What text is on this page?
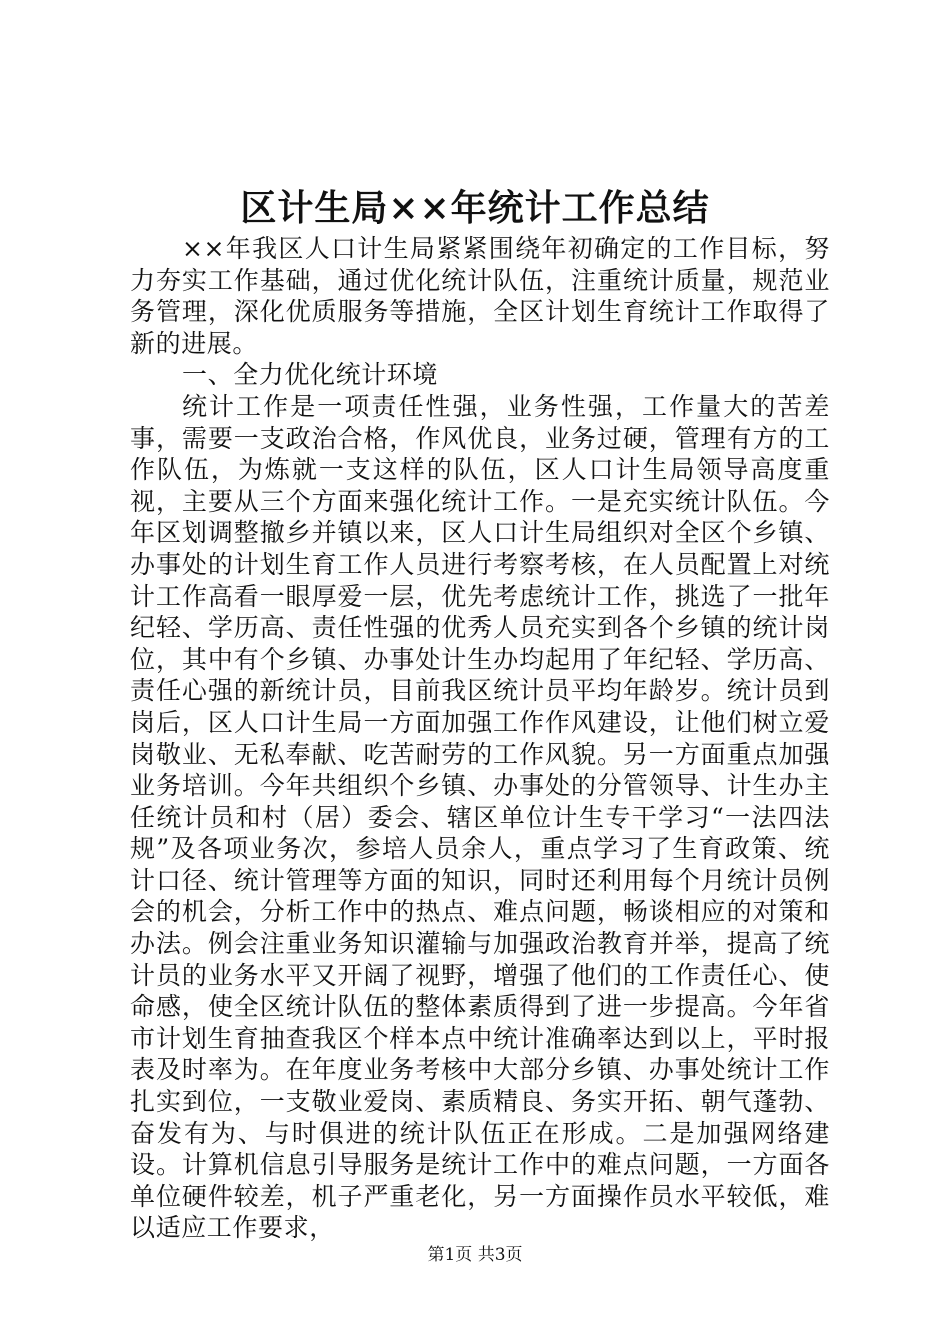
区计生局××年统计工作总结

××年我区人口计生局紧紧围绕年初确定的工作目标，努力夯实工作基础，通过优化统计队伍，注重统计质量，规范业务管理，深化优质服务等措施，全区计划生育统计工作取得了新的进展。

一、全力优化统计环境

统计工作是一项责任性强，业务性强，工作量大的苦差事，需要一支政治合格，作风优良，业务过硬，管理有方的工作队伍，为炼就一支这样的队伍，区人口计生局领导高度重视，主要从三个方面来强化统计工作。一是充实统计队伍。今年区划调整撤乡并镇以来，区人口计生局组织对全区个乡镇、办事处的计划生育工作人员进行考察考核，在人员配置上对统计工作高看一眼厚爱一层，优先考虑统计工作，挑选了一批年纪轻、学历高、责任性强的优秀人员充实到各个乡镇的统计岗位，其中有个乡镇、办事处计生办均起用了年纪轻、学历高、责任心强的新统计员，目前我区统计员平均年龄岁。统计员到岗后，区人口计生局一方面加强工作作风建设，让他们树立爱岗敬业、无私奉献、吃苦耐劳的工作风貌。另一方面重点加强业务培训。今年共组织个乡镇、办事处的分管领导、计生办主任统计员和村（居）委会、辖区单位计生专干学习“一法四法规”及各项业务次，参培人员余人，重点学习了生育政策、统计口径、统计管理等方面的知识，同时还利用每个月统计员例会的机会，分析工作中的热点、难点问题，畅谈相应的对策和办法。例会注重业务知识灌输与加强政治教育并举，提高了统计员的业务水平又开阔了视野，增强了他们的工作责任心、使命感，使全区统计队伍的整体素质得到了进一步提高。今年省市计划生育抽查我区个样本点中统计准确率达到以上，平时报表及时率为。在年度业务考核中大部分乡镇、办事处统计工作扎实到位，一支敬业爱岗、素质精良、务实开拓、朝气蓬勃、奋发有为、与时俱进的统计队伍正在形成。二是加强网络建设。计算机信息引导服务是统计工作中的难点问题，一方面各单位硬件较差，机子严重老化，另一方面操作员水平较低，难以适应工作要求，

第1页 共3页
